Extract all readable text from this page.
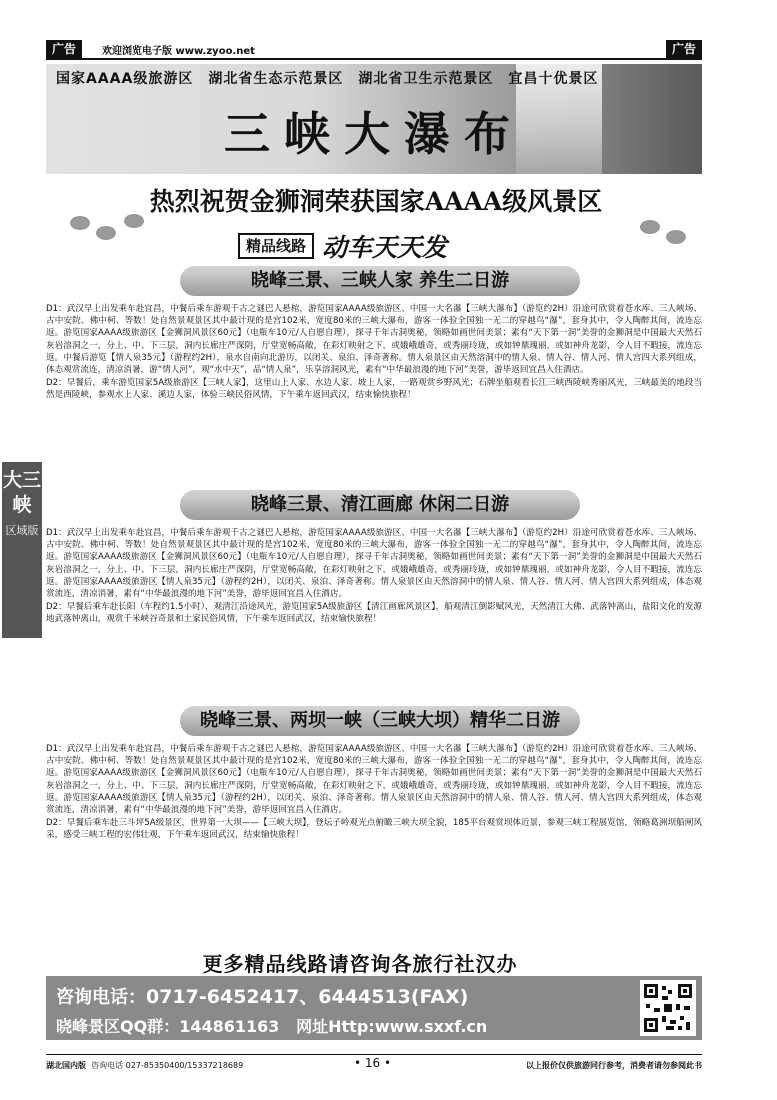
广告	欢迎浏览电子版 www.zyoo.net	广告
大三峡
区域版
国家AAAA级旅游区　湖北省生态示范景区　湖北省卫生示范景区　宜昌十优景区
三峡大瀑布
热烈祝贺金狮洞荣获国家AAAA级风景区
精品线路 动车天天发
晓峰三景、三峡人家 养生二日游

D1：武汉早上出发乘车赴宜昌，中餐后乘车游观千古之谜巴人悬棺，游览国家AAAA级旅游区、中国一大名瀑【三峡大瀑布】（游览约2H）沿途可欣赏着苍水库、三人峡场、古中安院、佛中柯、等数！处自然景观景区其中最计现的是宫102米，宽度80米的三峡大瀑布，游客一体验全国独一无二的穿越鸟“瀑”，套身其中，令人陶醉其间，流连忘返。游览国家AAAA级旅游区【金狮洞风景区60元】（电瓶车10元/人自愿自理），探寻千年古洞奥秘，领略如画世间美景；素有“天下第一洞”美誉的金狮洞是中国最大天然石灰岩溶洞之一，分上、中、下三层，洞内长廊庄严深阴，厅堂宽畅高敞，在彩灯映射之下，或娥峨雄奇，或秀丽玲珑，或如钟鼎瑰丽，或如神舟龙影，令人目不暇接，流连忘返。中餐后游览【情人泉35元】（游程约2H），泉水自南向北游历，以闭关、泉泊、泽奇著称。情人泉景区由天然溶洞中的情人泉、情人谷、情人河、情人宫四大系列组成，体态观赏流连，清凉消暑，游“情人河”，观“水中天”，品“情人泉”，乐享溶洞风光，素有“中华最浪漫的地下河”美誉，游毕返回宜昌入住酒店。

D2：早餐后，乘车游览国家5A级旅游区【三峡人家】，这里山上人家、水边人家、坡上人家，一路观赏乡野风光；石牌坐船观看长江三峡西陵峡秀丽风光，三峡最美的地段当然是西陵峡，参观水上人家、溪边人家，体验三峡民俗风情，下午乘车返回武汉，结束愉快旅程！

晓峰三景、清江画廊 休闲二日游

D1：武汉早上出发乘车赴宜昌，中餐后乘车游观千古之谜巴人悬棺，游览国家AAAA级旅游区、中国一大名瀑【三峡大瀑布】（游览约2H）沿途可欣赏着苍水库、三人峡场、古中安院、佛中柯、等数！处自然景观景区其中最计现的是宫102米，宽度80米的三峡大瀑布，游客一体验全国独一无二的穿越鸟“瀑”，套身其中，令人陶醉其间，流连忘返。游览国家AAAA级旅游区【金狮洞风景区60元】（电瓶车10元/人自愿自理），探寻千年古洞奥秘，领略如画世间美景；素有“天下第一洞”美誉的金狮洞是中国最大天然石灰岩溶洞之一，分上、中、下三层，洞内长廊庄严深阴，厅堂宽畅高敞，在彩灯映射之下，或娥峨雄奇，或秀丽玲珑，或如钟鼎瑰丽，或如神舟龙影，令人目不暇接，流连忘返。游览国家AAAA级旅游区【情人泉35元】（游程约2H），以闭关、泉泊、泽奇著称。情人泉景区由天然溶洞中的情人泉、情人谷、情人河、情人宫四大系列组成，体态观赏流连，清凉消暑，素有“中华最浪漫的地下河”美誉，游毕返回宜昌入住酒店。

D2：早餐后乘车赴长阳（车程约1.5小时），观清江沿途风光，游览国家5A级旅游区【清江画廊风景区】，船观清江倒影赋风光，天然清江大佛、武落钟离山，盐阳文化的发源地武落钟离山，观赏千米峡谷奇景和土家民俗风情，下午乘车返回武汉，结束愉快旅程！

晓峰三景、两坝一峡（三峡大坝）精华二日游

D1：武汉早上出发乘车赴宜昌，中餐后乘车游观千古之谜巴人悬棺，游览国家AAAA级旅游区、中国一大名瀑【三峡大瀑布】（游览约2H）沿途可欣赏着苍水库、三人峡场、古中安院、佛中柯、等数！处自然景观景区其中最计现的是宫102米，宽度80米的三峡大瀑布，游客一体验全国独一无二的穿越鸟“瀑”，套身其中，令人陶醉其间，流连忘返。游览国家AAAA级旅游区【金狮洞风景区60元】（电瓶车10元/人自愿自理），探寻千年古洞奥秘，领略如画世间美景；素有“天下第一洞”美誉的金狮洞是中国最大天然石灰岩溶洞之一，分上、中、下三层，洞内长廊庄严深阴，厅堂宽畅高敞，在彩灯映射之下，或娥峨雄奇，或秀丽玲珑，或如钟鼎瑰丽，或如神舟龙影，令人目不暇接，流连忘返。游览国家AAAA级旅游区【情人泉35元】（游程约2H），以闭关、泉泊、泽奇著称。情人泉景区由天然溶洞中的情人泉、情人谷、情人河、情人宫四大系列组成，体态观赏流连，清凉消暑，素有“中华最浪漫的地下河”美誉，游毕返回宜昌入住酒店。

D2：早餐后乘车赴三斗坪5A级景区，世界第一大坝——【三峡大坝】，登坛子岭观光点俯瞰三峡大坝全貌，185平台观赏坝体近景，参观三峡工程展览馆，领略葛洲坝船闸风采，感受三峡工程的宏伟壮观，下午乘车返回武汉，结束愉快旅程！

更多精品线路请咨询各旅行社汉办
咨询电话：0717-6452417、6444513(FAX)
晓峰景区QQ群：144861163 网址Http:www.sxxf.cn
湖北国内版 咨询电话 027-85350400/15337218689	• 16 •	以上报价仅供旅游同行参考，消费者请勿参阅此书
